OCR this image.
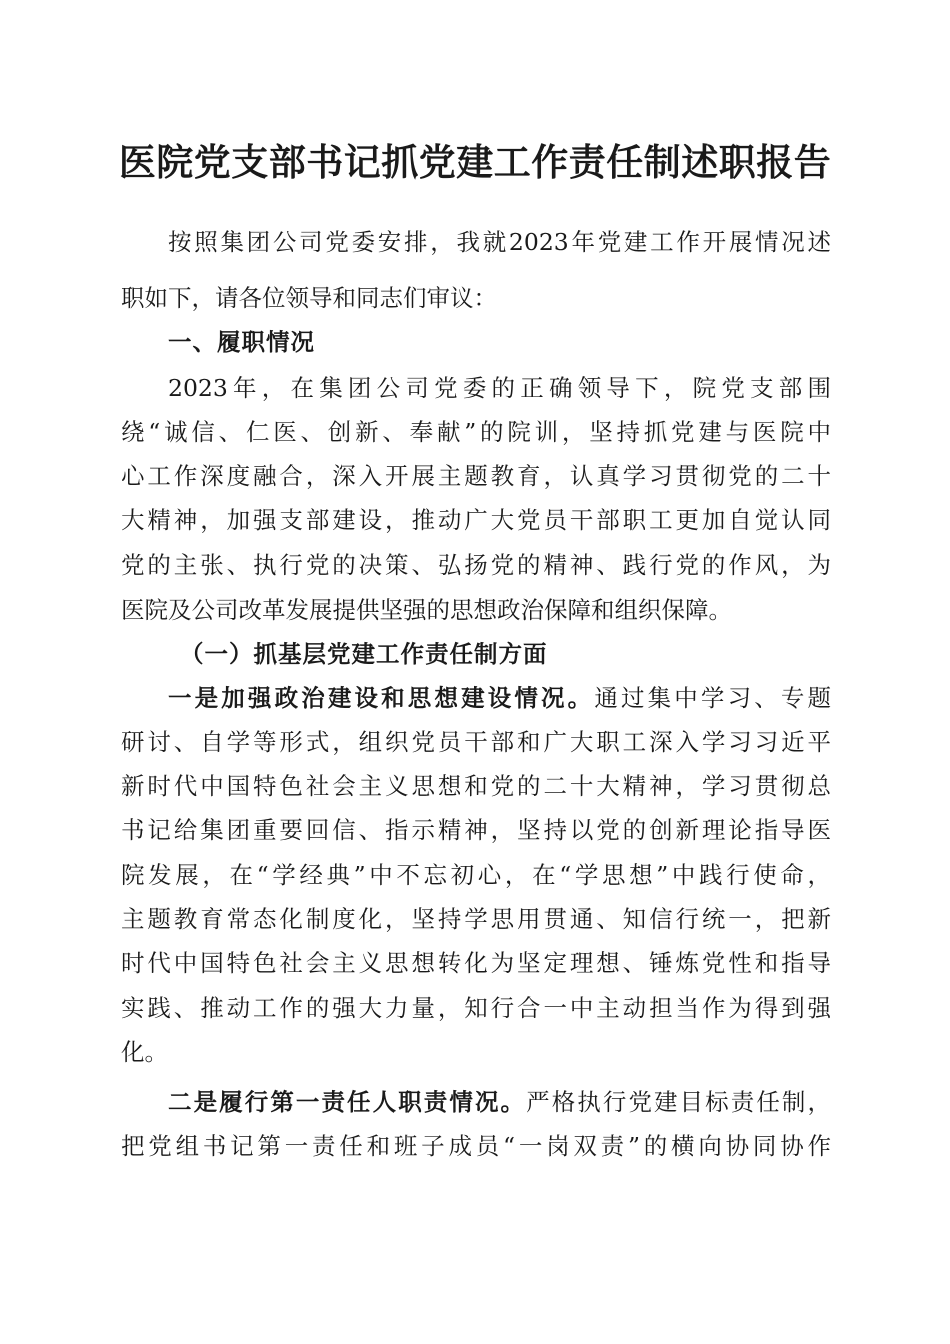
医院党支部书记抓党建工作责任制述职报告
按照集团公司党委安排，我就2023年党建工作开展情况述
职如下，请各位领导和同志们审议：
一、履职情况
2023年，在集团公司党委的正确领导下，院党支部围
绕“诚信、仁医、创新、奉献”的院训，坚持抓党建与医院中
心工作深度融合，深入开展主题教育，认真学习贯彻党的二十
大精神，加强支部建设，推动广大党员干部职工更加自觉认同
党的主张、执行党的决策、弘扬党的精神、践行党的作风，为
医院及公司改革发展提供坚强的思想政治保障和组织保障。
（一）抓基层党建工作责任制方面
一是加强政治建设和思想建设情况。通过集中学习、专题
研讨、自学等形式，组织党员干部和广大职工深入学习习近平
新时代中国特色社会主义思想和党的二十大精神，学习贯彻总
书记给集团重要回信、指示精神，坚持以党的创新理论指导医
院发展，在“学经典”中不忘初心，在“学思想”中践行使命，
主题教育常态化制度化，坚持学思用贯通、知信行统一，把新
时代中国特色社会主义思想转化为坚定理想、锤炼党性和指导
实践、推动工作的强大力量，知行合一中主动担当作为得到强
化。
二是履行第一责任人职责情况。严格执行党建目标责任制，
把党组书记第一责任和班子成员“一岗双责”的横向协同协作
